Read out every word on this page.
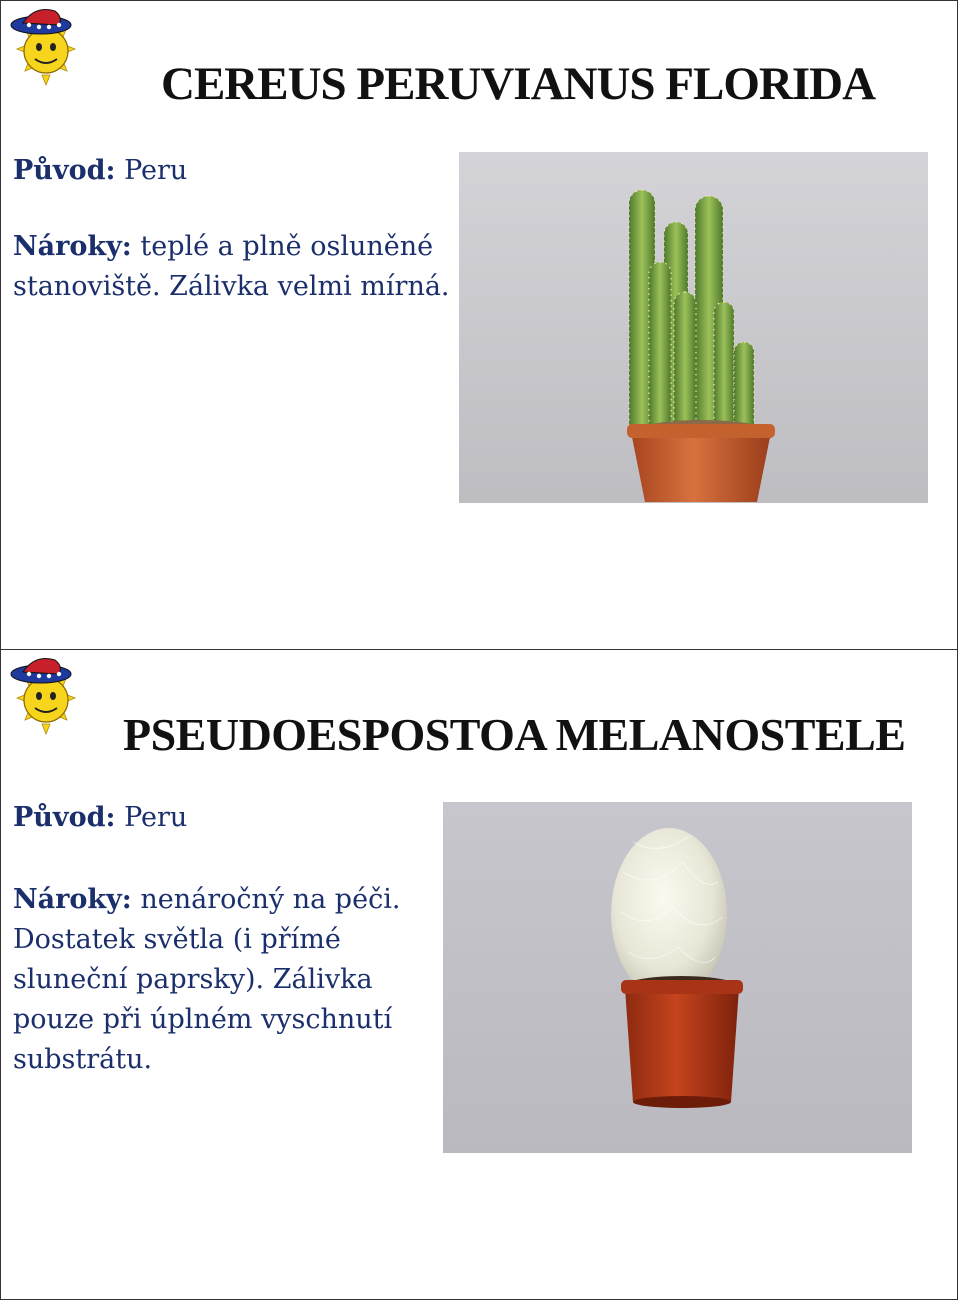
CEREUS PERUVIANUS FLORIDA

Původ: Peru

Nároky: teplé a plně osluněné stanoviště. Zálivka velmi mírná.

PSEUDOESPOSTOA MELANOSTELE

Původ: Peru

Nároky: nenáročný na péči. Dostatek světla (i přímé sluneční paprsky). Zálivka pouze při úplném vyschnutí substrátu.
